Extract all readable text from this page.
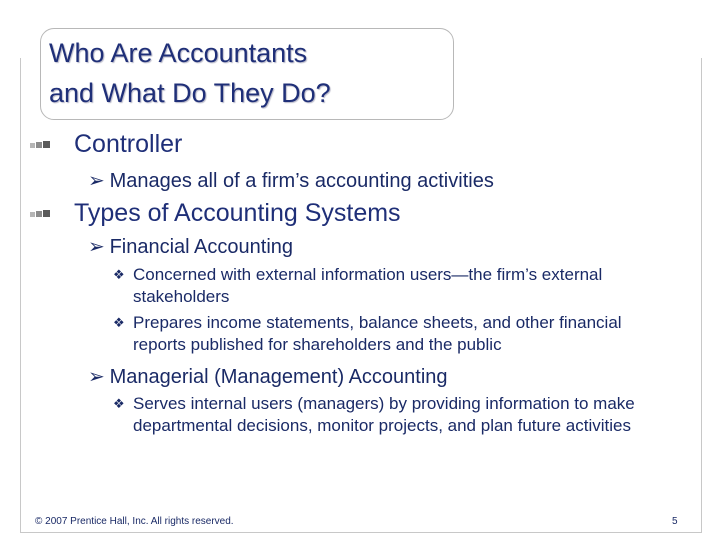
Who Are Accountants
and What Do They Do?
Controller
➢ Manages all of a firm’s accounting activities
Types of Accounting Systems
➢ Financial Accounting
❖ Concerned with external information users—the firm’s external stakeholders
❖ Prepares income statements, balance sheets, and other financial reports published for shareholders and the public
➢ Managerial (Management) Accounting
❖ Serves internal users (managers) by providing information to make departmental decisions, monitor projects, and plan future activities
© 2007 Prentice Hall, Inc. All rights reserved.	5
